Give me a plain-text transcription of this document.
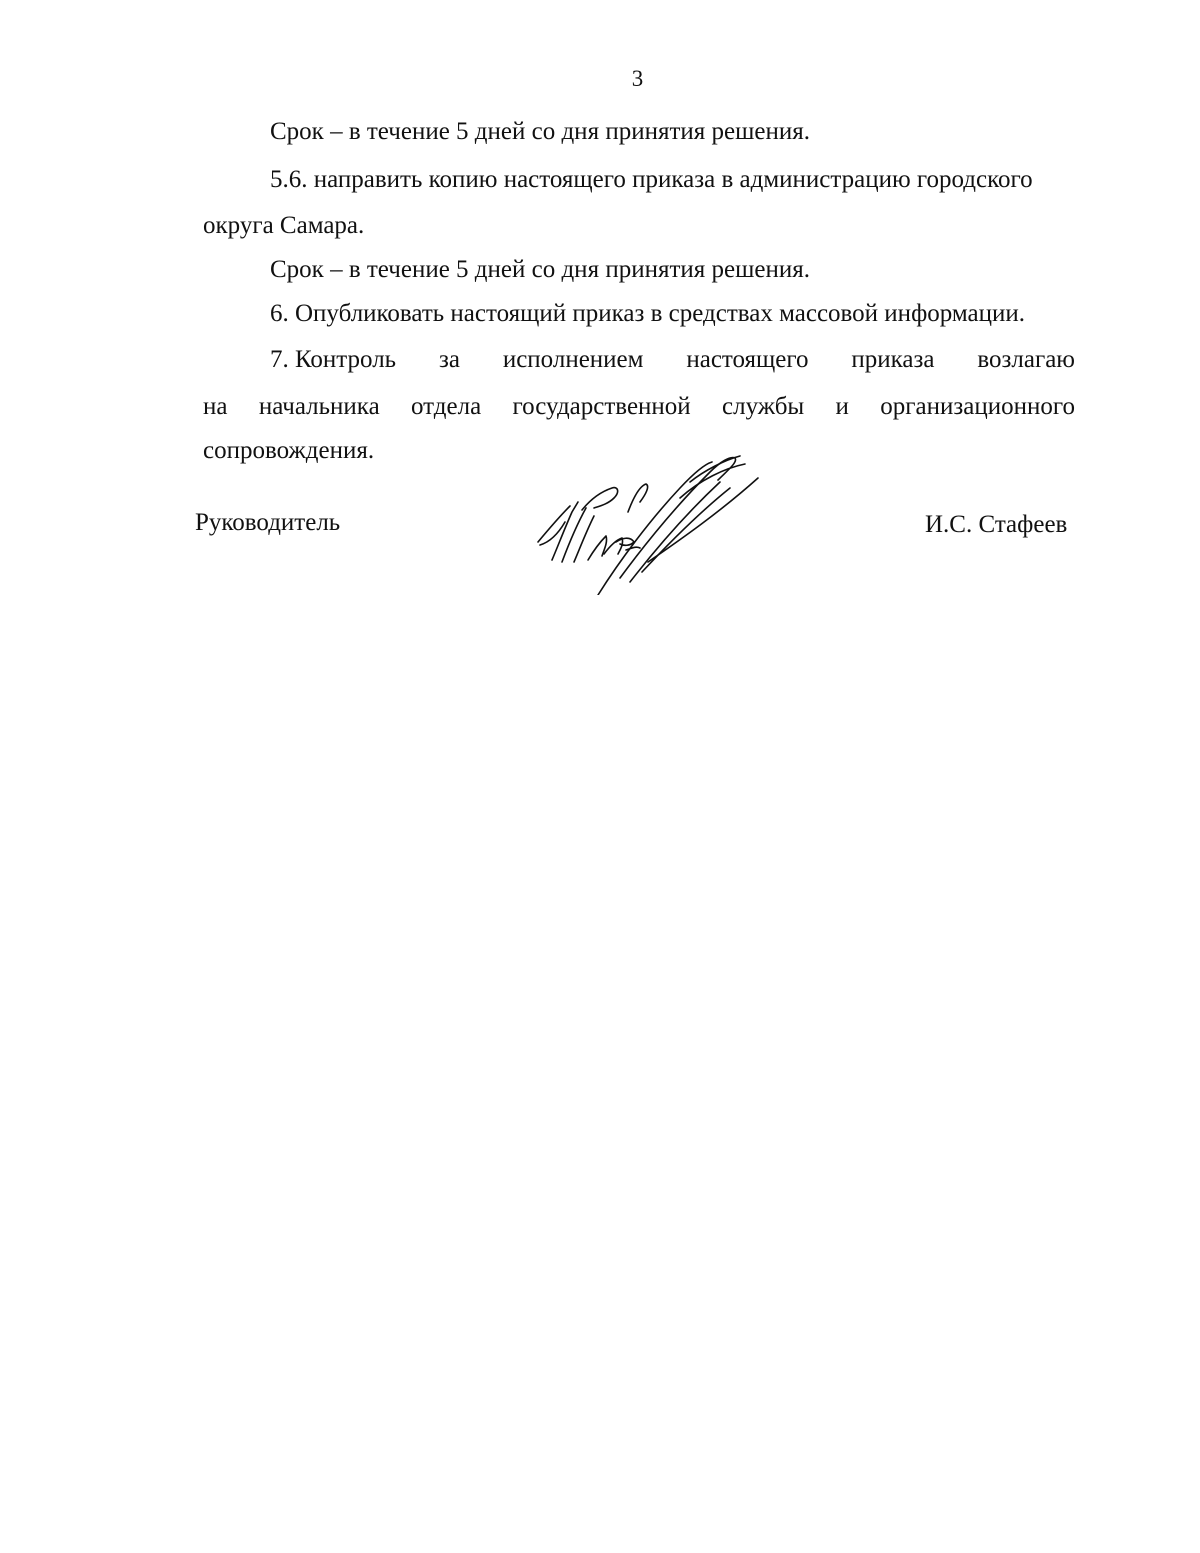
3
Срок – в течение 5 дней со дня принятия решения.
5.6. направить копию настоящего приказа в администрацию городского
округа Самара.
Срок – в течение 5 дней со дня принятия решения.
6. Опубликовать настоящий приказ в средствах массовой информации.
7. Контроль за исполнением настоящего приказа возлагаю
на начальника отдела государственной службы и организационного
сопровождения.
Руководитель	И.С. Стафеев
